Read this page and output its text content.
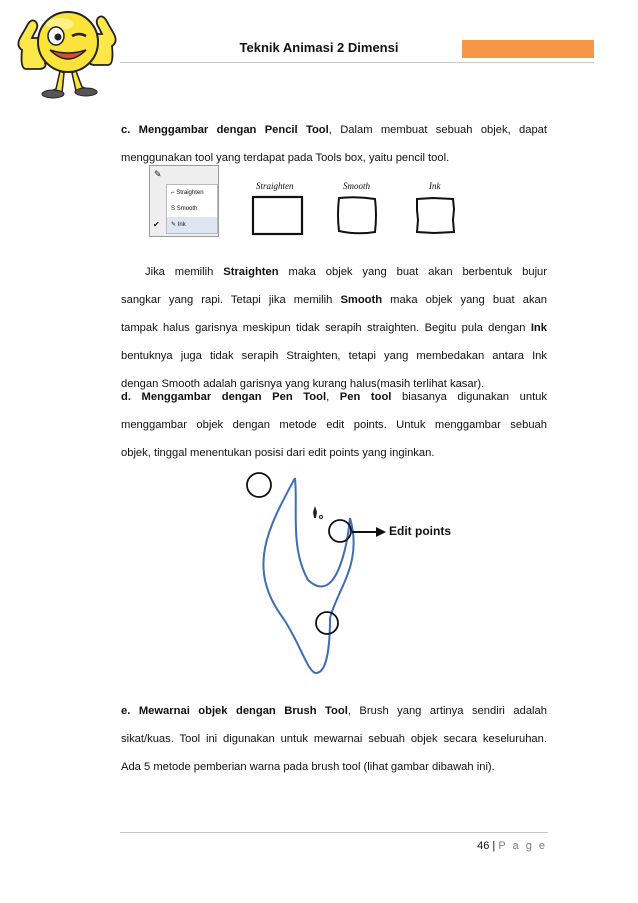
Teknik Animasi 2 Dimensi
c. Menggambar dengan Pencil Tool, Dalam membuat sebuah objek, dapat
menggunakan tool yang terdapat pada Tools box, yaitu pencil tool.
✎
⌐ Straighten
S Smooth
✎ Ink
✔
Straighten	Smooth	Ink
Jika memilih Straighten maka objek yang buat akan berbentuk bujur
sangkar yang rapi. Tetapi jika memilih Smooth maka objek yang buat akan
tampak halus garisnya meskipun tidak serapih straighten. Begitu pula dengan Ink
bentuknya juga tidak serapih Straighten, tetapi yang membedakan antara Ink
dengan Smooth adalah garisnya yang kurang halus(masih terlihat kasar).
d. Menggambar dengan Pen Tool, Pen tool biasanya digunakan untuk
menggambar objek dengan metode edit points. Untuk menggambar sebuah
objek, tinggal menentukan posisi dari edit points yang inginkan.
Edit points
e. Mewarnai objek dengan Brush Tool, Brush yang artinya sendiri adalah
sikat/kuas. Tool ini digunakan untuk mewarnai sebuah objek secara keseluruhan.
Ada 5 metode pemberian warna pada brush tool (lihat gambar dibawah ini).
46 | P a g e
